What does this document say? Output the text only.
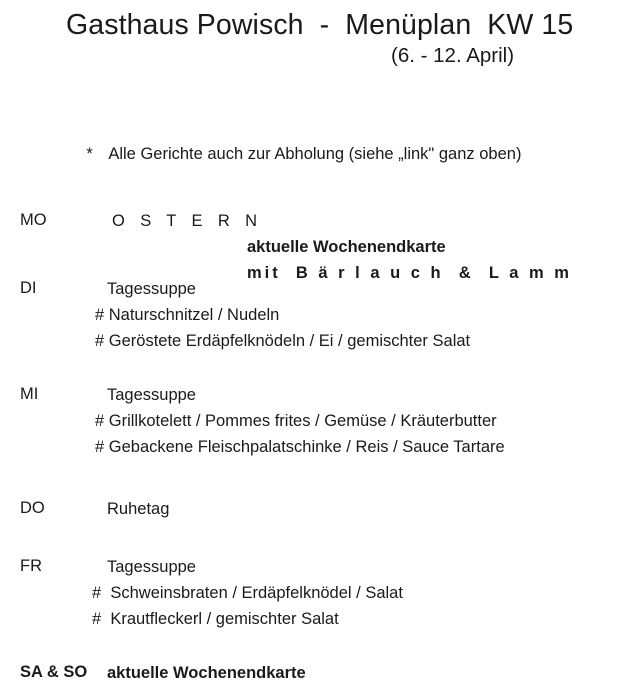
Gasthaus Powisch  -  Menüplan  KW 15
(6. - 12. April)

* Alle Gerichte auch zur Abholung (siehe „link" ganz oben)

MO	O S T E R N
aktuelle Wochenendkarte
mit  B ä r l a u c h  &  L a m m
DI	Tagessuppe
# Naturschnitzel / Nudeln
# Geröstete Erdäpfelknödeln / Ei / gemischter Salat
MI	Tagessuppe
# Grillkotelett / Pommes frites / Gemüse / Kräuterbutter
# Gebackene Fleischpalatschinke / Reis / Sauce Tartare
DO	Ruhetag
FR	Tagessuppe
#  Schweinsbraten / Erdäpfelknödel / Salat
#  Krautfleckerl / gemischter Salat
SA & SO aktuelle Wochenendkarte
